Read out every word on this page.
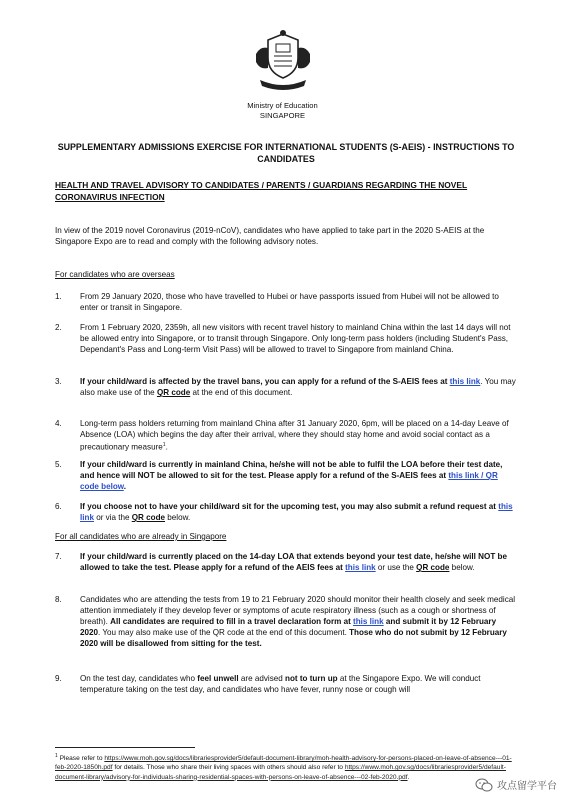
Ministry of Education
SINGAPORE
SUPPLEMENTARY ADMISSIONS EXERCISE FOR INTERNATIONAL STUDENTS (S-AEIS) - INSTRUCTIONS TO CANDIDATES
HEALTH AND TRAVEL ADVISORY TO CANDIDATES / PARENTS / GUARDIANS REGARDING THE NOVEL CORONAVIRUS INFECTION
In view of the 2019 novel Coronavirus (2019-nCoV), candidates who have applied to take part in the 2020 S-AEIS at the Singapore Expo are to read and comply with the following advisory notes.
For candidates who are overseas
1. From 29 January 2020, those who have travelled to Hubei or have passports issued from Hubei will not be allowed to enter or transit in Singapore.
2. From 1 February 2020, 2359h, all new visitors with recent travel history to mainland China within the last 14 days will not be allowed entry into Singapore, or to transit through Singapore. Only long-term pass holders (including Student's Pass, Dependant's Pass and Long-term Visit Pass) will be allowed to travel to Singapore from mainland China.
3. If your child/ward is affected by the travel bans, you can apply for a refund of the S-AEIS fees at this link. You may also make use of the QR code at the end of this document.
4. Long-term pass holders returning from mainland China after 31 January 2020, 6pm, will be placed on a 14-day Leave of Absence (LOA) which begins the day after their arrival, where they should stay home and avoid social contact as a precautionary measure$^1$.
5. If your child/ward is currently in mainland China, he/she will not be able to fulfil the LOA before their test date, and hence will NOT be allowed to sit for the test. Please apply for a refund of the S-AEIS fees at this link / QR code below.
6. If you choose not to have your child/ward sit for the upcoming test, you may also submit a refund request at this link or via the QR code below.
For all candidates who are already in Singapore
7. If your child/ward is currently placed on the 14-day LOA that extends beyond your test date, he/she will NOT be allowed to take the test. Please apply for a refund of the AEIS fees at this link or use the QR code below.
8. Candidates who are attending the tests from 19 to 21 February 2020 should monitor their health closely and seek medical attention immediately if they develop fever or symptoms of acute respiratory illness (such as a cough or shortness of breath). All candidates are required to fill in a travel declaration form at this link and submit it by 12 February 2020. You may also make use of the QR code at the end of this document. Those who do not submit by 12 February 2020 will be disallowed from sitting for the test.
9. On the test day, candidates who feel unwell are advised not to turn up at the Singapore Expo. We will conduct temperature taking on the test day, and candidates who have fever, runny nose or cough will
$^1$ Please refer to https://www.moh.gov.sg/docs/librariesprovider5/default-document-library/moh-health-advisory-for-persons-placed-on-leave-of-absence---01-feb-2020-1850h.pdf for details. Those who share their living spaces with others should also refer to https://www.moh.gov.sg/docs/librariesprovider5/default-document-library/advisory-for-individuals-sharing-residential-spaces-with-persons-on-leave-of-absence---02-feb-2020.pdf.
攻点留学平台
